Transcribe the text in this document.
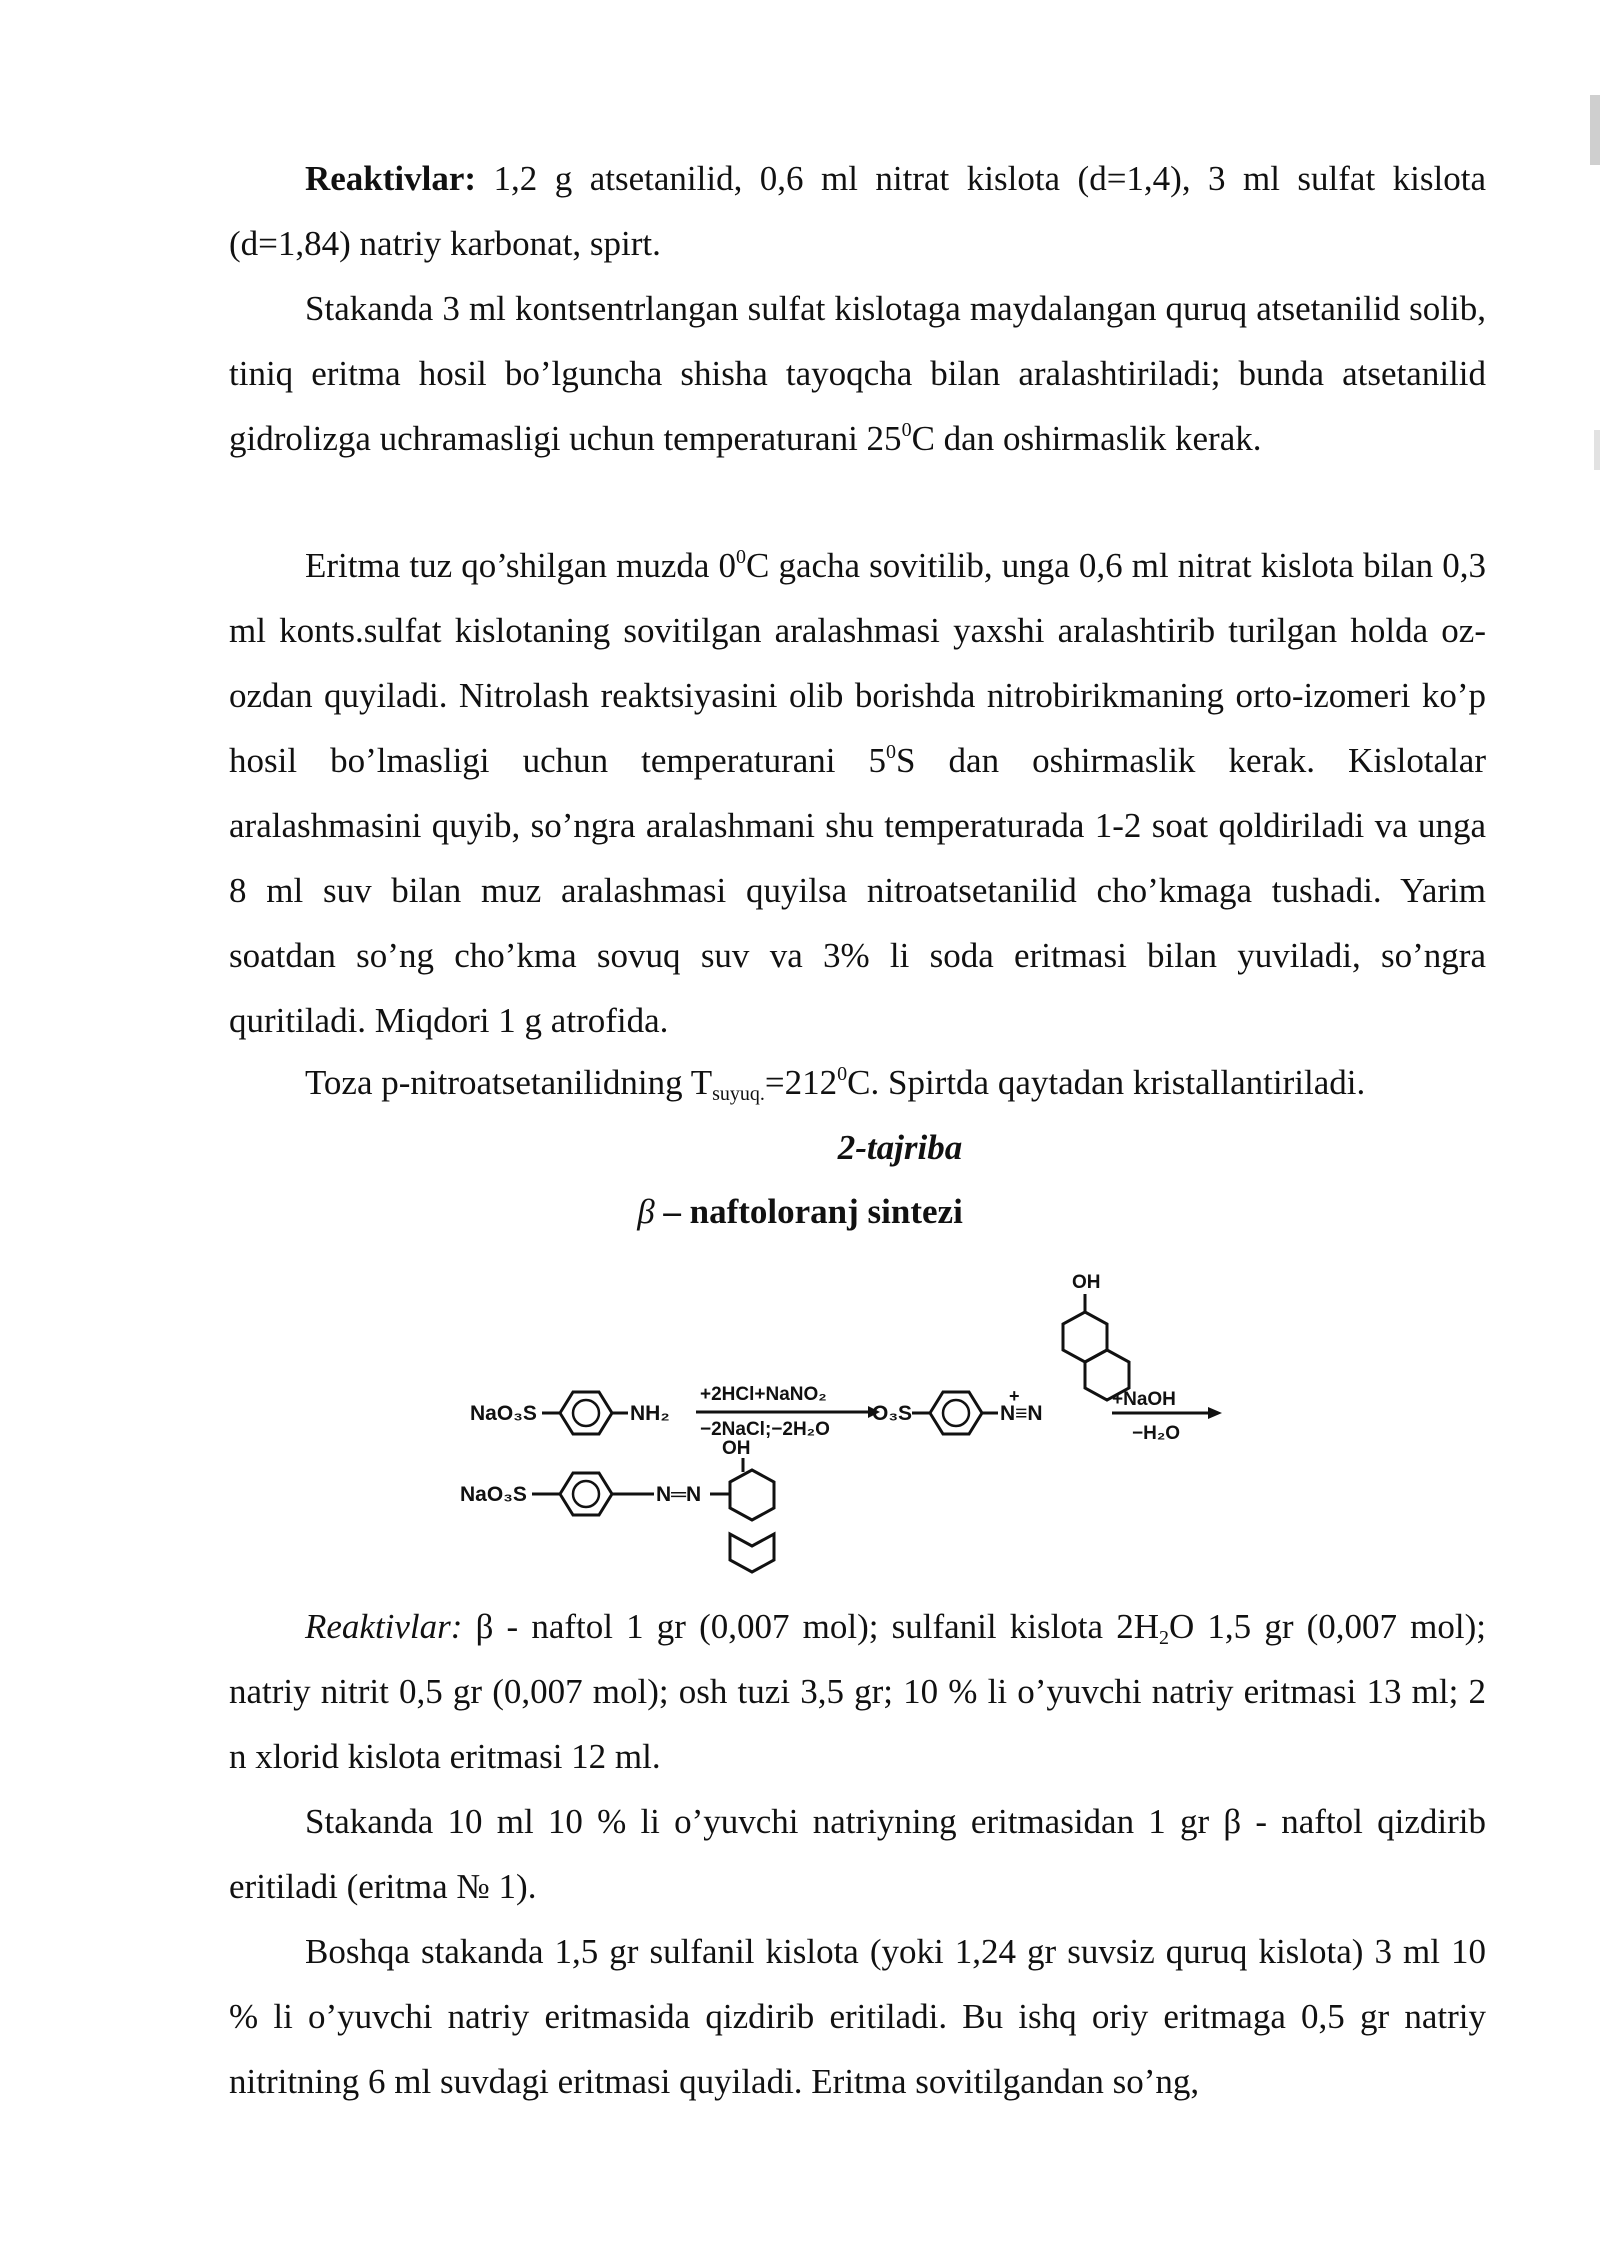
Reaktivlar: 1,2 g atsetanilid, 0,6 ml nitrat kislota (d=1,4), 3 ml sulfat kislota (d=1,84) natriy karbonat, spirt.

Stakanda 3 ml kontsentrlangan sulfat kislotaga maydalangan quruq atsetanilid solib, tiniq eritma hosil bo’lguncha shisha tayoqcha bilan aralashtiriladi; bunda atsetanilid gidrolizga uchramasligi uchun temperaturani $25^0C$ dan oshirmaslik kerak.

Eritma tuz qo’shilgan muzda $0^0C$ gacha sovitilib, unga 0,6 ml nitrat kislota bilan 0,3 ml konts.sulfat kislotaning sovitilgan aralashmasi yaxshi aralashtirib turilgan holda oz-ozdan quyiladi. Nitrolash reaktsiyasini olib borishda nitrobirikmaning orto-izomeri ko’p hosil bo’lmasligi uchun temperaturani $5^0S$ dan oshirmaslik kerak. Kislotalar aralashmasini quyib, so’ngra aralashmani shu temperaturada 1-2 soat qoldiriladi va unga 8 ml suv bilan muz aralashmasi quyilsa nitroatsetanilid cho’kmaga tushadi. Yarim soatdan so’ng cho’kma sovuq suv va 3% li soda eritmasi bilan yuviladi, so’ngra quritiladi. Miqdori 1 g atrofida.

Toza p-nitroatsetanilidning $T_{suyuq.}=212^0C$. Spirtda qaytadan kristallantiriladi.

2-tajriba
β – naftoloranj sintezi
NaO₃S	NH₂
+2HCl+NaNO₂
−2NaCl;−2H₂O
O₃S
+
N≡N
OH
+NaOH
−H₂O
NaO₃S	N═N
OH

Reaktivlar: β - naftol 1 gr (0,007 mol); sulfanil kislota $2H_2O$ 1,5 gr (0,007 mol); natriy nitrit 0,5 gr (0,007 mol); osh tuzi 3,5 gr; 10 % li o’yuvchi natriy eritmasi 13 ml; 2 n xlorid kislota eritmasi 12 ml.

Stakanda 10 ml 10 % li o’yuvchi natriyning eritmasidan 1 gr β - naftol qizdirib eritiladi (eritma № 1).

Boshqa stakanda 1,5 gr sulfanil kislota (yoki 1,24 gr suvsiz quruq kislota) 3 ml 10 % li o’yuvchi natriy eritmasida qizdirib eritiladi. Bu ishq oriy eritmaga 0,5 gr natriy nitritning 6 ml suvdagi eritmasi quyiladi. Eritma sovitilgandan so’ng,
